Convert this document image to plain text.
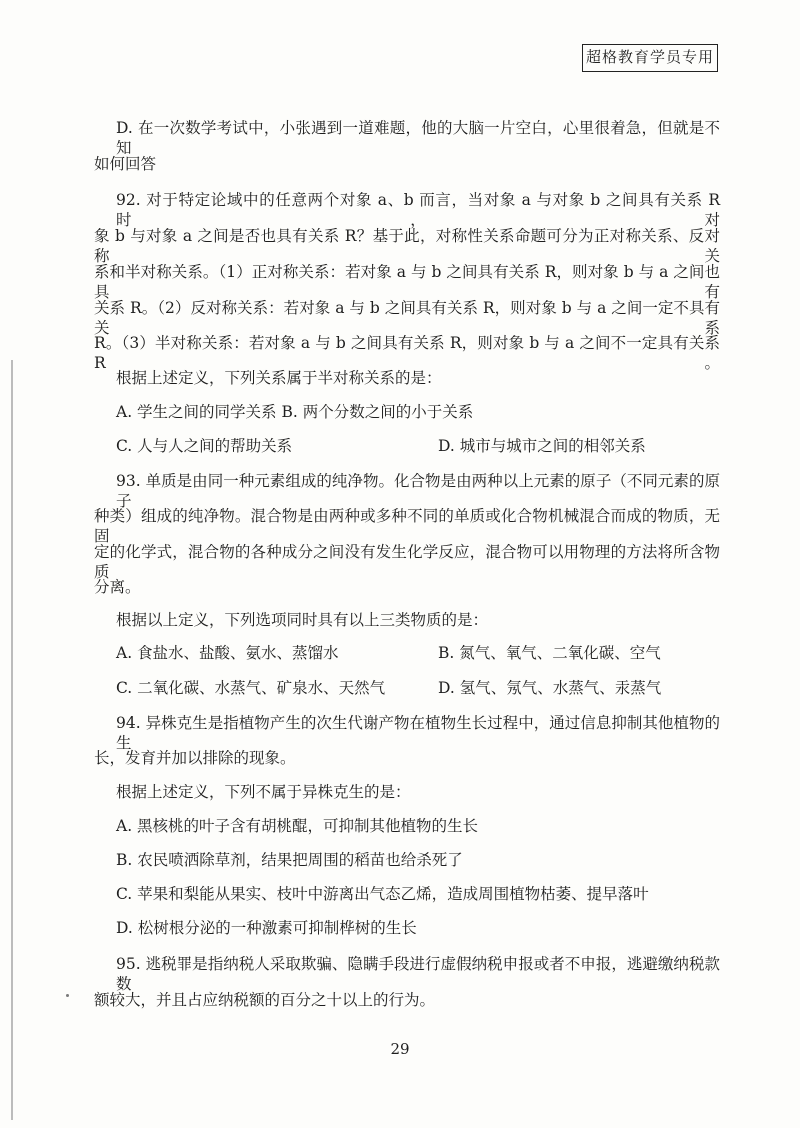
超格教育学员专用
D. 在一次数学考试中，小张遇到一道难题，他的大脑一片空白，心里很着急，但就是不知
如何回答
92. 对于特定论域中的任意两个对象 a、b 而言，当对象 a 与对象 b 之间具有关系 R 时，对
象 b 与对象 a 之间是否也具有关系 R？基于此，对称性关系命题可分为正对称关系、反对称关
系和半对称关系。（1）正对称关系：若对象 a 与 b 之间具有关系 R，则对象 b 与 a 之间也具有
关系 R。（2）反对称关系：若对象 a 与 b 之间具有关系 R，则对象 b 与 a 之间一定不具有关系
R。（3）半对称关系：若对象 a 与 b 之间具有关系 R，则对象 b 与 a 之间不一定具有关系 R。
根据上述定义，下列关系属于半对称关系的是：
A. 学生之间的同学关系 B. 两个分数之间的小于关系
C. 人与人之间的帮助关系	D. 城市与城市之间的相邻关系
93. 单质是由同一种元素组成的纯净物。化合物是由两种以上元素的原子（不同元素的原子
种类）组成的纯净物。混合物是由两种或多种不同的单质或化合物机械混合而成的物质，无固
定的化学式，混合物的各种成分之间没有发生化学反应，混合物可以用物理的方法将所含物质
分离。
根据以上定义，下列选项同时具有以上三类物质的是：
A. 食盐水、盐酸、氨水、蒸馏水	B. 氮气、氧气、二氧化碳、空气
C. 二氧化碳、水蒸气、矿泉水、天然气	D. 氢气、氖气、水蒸气、汞蒸气
94. 异株克生是指植物产生的次生代谢产物在植物生长过程中，通过信息抑制其他植物的生
长，发育并加以排除的现象。
根据上述定义，下列不属于异株克生的是：
A. 黑核桃的叶子含有胡桃醌，可抑制其他植物的生长
B. 农民喷洒除草剂，结果把周围的稻苗也给杀死了
C. 苹果和梨能从果实、枝叶中游离出气态乙烯，造成周围植物枯萎、提早落叶
D. 松树根分泌的一种激素可抑制桦树的生长
95. 逃税罪是指纳税人采取欺骗、隐瞒手段进行虚假纳税申报或者不申报，逃避缴纳税款数
额较大，并且占应纳税额的百分之十以上的行为。
29
